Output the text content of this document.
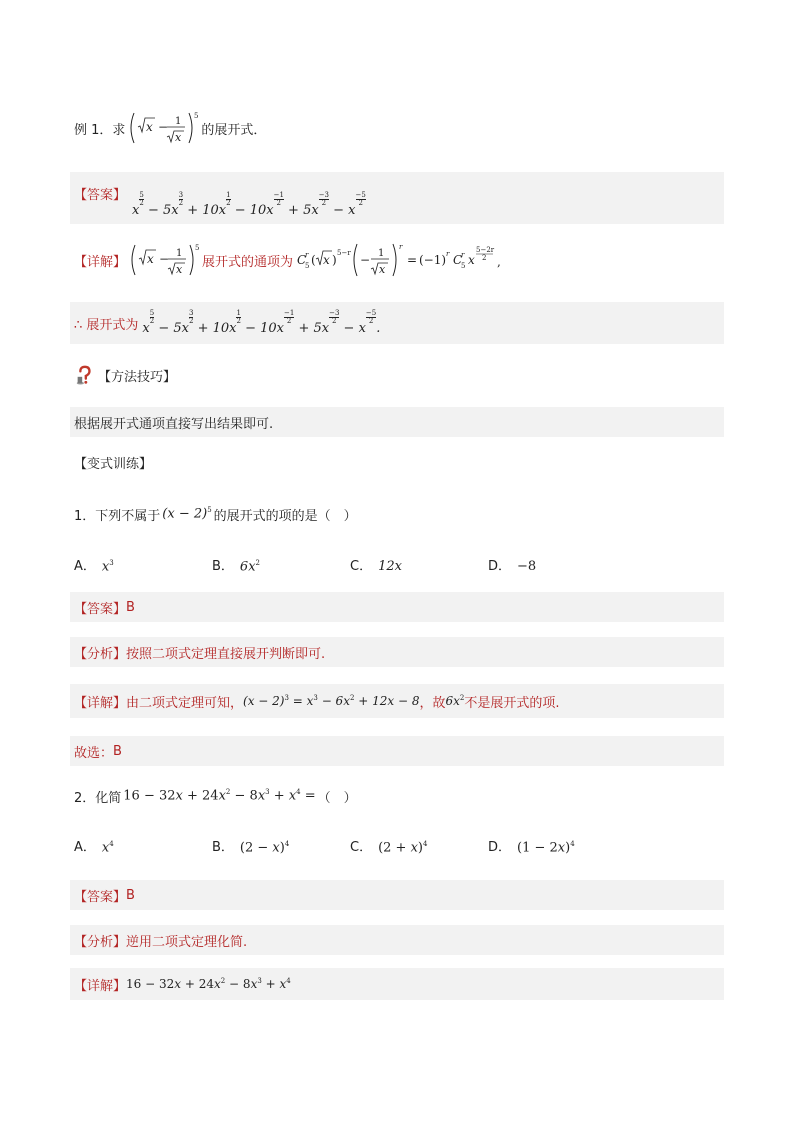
例 1．求 x − 1
x
5
的展开式．
【答案】
x
$^{\frac{5}{2}}$
− 5x
$^{\frac{3}{2}}$
+ 10x
$^{\frac{1}{2}}$
− 10x
$^{\frac{-1}{2}}$
+ 5x
$^{\frac{-3}{2}}$
− x
$^{\frac{-5}{2}}$
【详解】 x − 1
x
5
展开式的通项为 C
r
5 ( x ) 5−r − 1
x
r
= (−1) r C
r
5 x
5−2r
2 ,
∴ 展开式为 x
$^{\frac{5}{2}}$
− 5x
$^{\frac{3}{2}}$
+ 10x
$^{\frac{1}{2}}$
− 10x
$^{\frac{-1}{2}}$
+ 5x
$^{\frac{-3}{2}}$
− x
$^{\frac{-5}{2}}$
.
【方法技巧】
根据展开式通项直接写出结果即可.
【变式训练】
1．下列不属于 $(x - 2)^5$ 的展开式的项的是（　）
A． $x^3$	B． $6x^2$	C． 12x	D． −8
【答案】 B
【分析】 按照二项式定理直接展开判断即可.
【详解】 由二项式定理可知， $(x - 2)^3 = x^3 - 6x^2 + 12x - 8$ ，故 $6x^2$ 不是展开式的项.
故选： B
2．化简 $16 - 32x + 24x^2 - 8x^3 + x^4$ = （　）
A． $x^4$	B． $(2 - x)^4$	C． $(2 + x)^4$	D． $(1 - 2x)^4$
【答案】 B
【分析】 逆用二项式定理化简.
【详解】 $16 - 32x + 24x^2 - 8x^3 + x^4$
